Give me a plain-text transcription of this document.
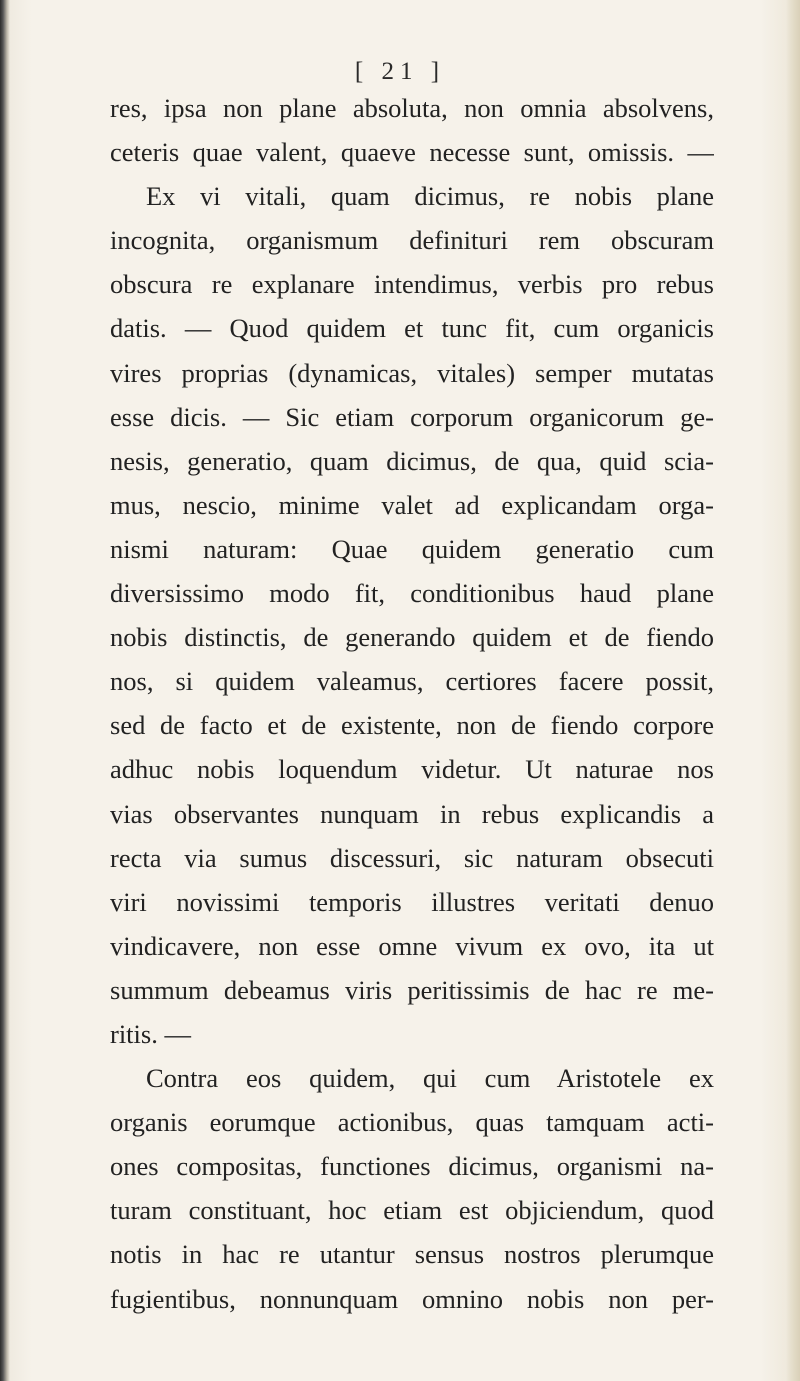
[ 21 ]
res, ipsa non plane absoluta, non omnia absolvens,
ceteris quae valent, quaeve necesse sunt, omissis. —
Ex vi vitali, quam dicimus, re nobis plane
incognita, organismum definituri rem obscuram
obscura re explanare intendimus, verbis pro rebus
datis. — Quod quidem et tunc fit, cum organicis
vires proprias (dynamicas, vitales) semper mutatas
esse dicis. — Sic etiam corporum organicorum ge-
nesis, generatio, quam dicimus, de qua, quid scia-
mus, nescio, minime valet ad explicandam orga-
nismi naturam: Quae quidem generatio cum
diversissimo modo fit, conditionibus haud plane
nobis distinctis, de generando quidem et de fiendo
nos, si quidem valeamus, certiores facere possit,
sed de facto et de existente, non de fiendo corpore
adhuc nobis loquendum videtur. Ut naturae nos
vias observantes nunquam in rebus explicandis a
recta via sumus discessuri, sic naturam obsecuti
viri novissimi temporis illustres veritati denuo
vindicavere, non esse omne vivum ex ovo, ita ut
summum debeamus viris peritissimis de hac re me-
ritis. —
Contra eos quidem, qui cum Aristotele ex
organis eorumque actionibus, quas tamquam acti-
ones compositas, functiones dicimus, organismi na-
turam constituant, hoc etiam est objiciendum, quod
notis in hac re utantur sensus nostros plerumque
fugientibus, nonnunquam omnino nobis non per-
